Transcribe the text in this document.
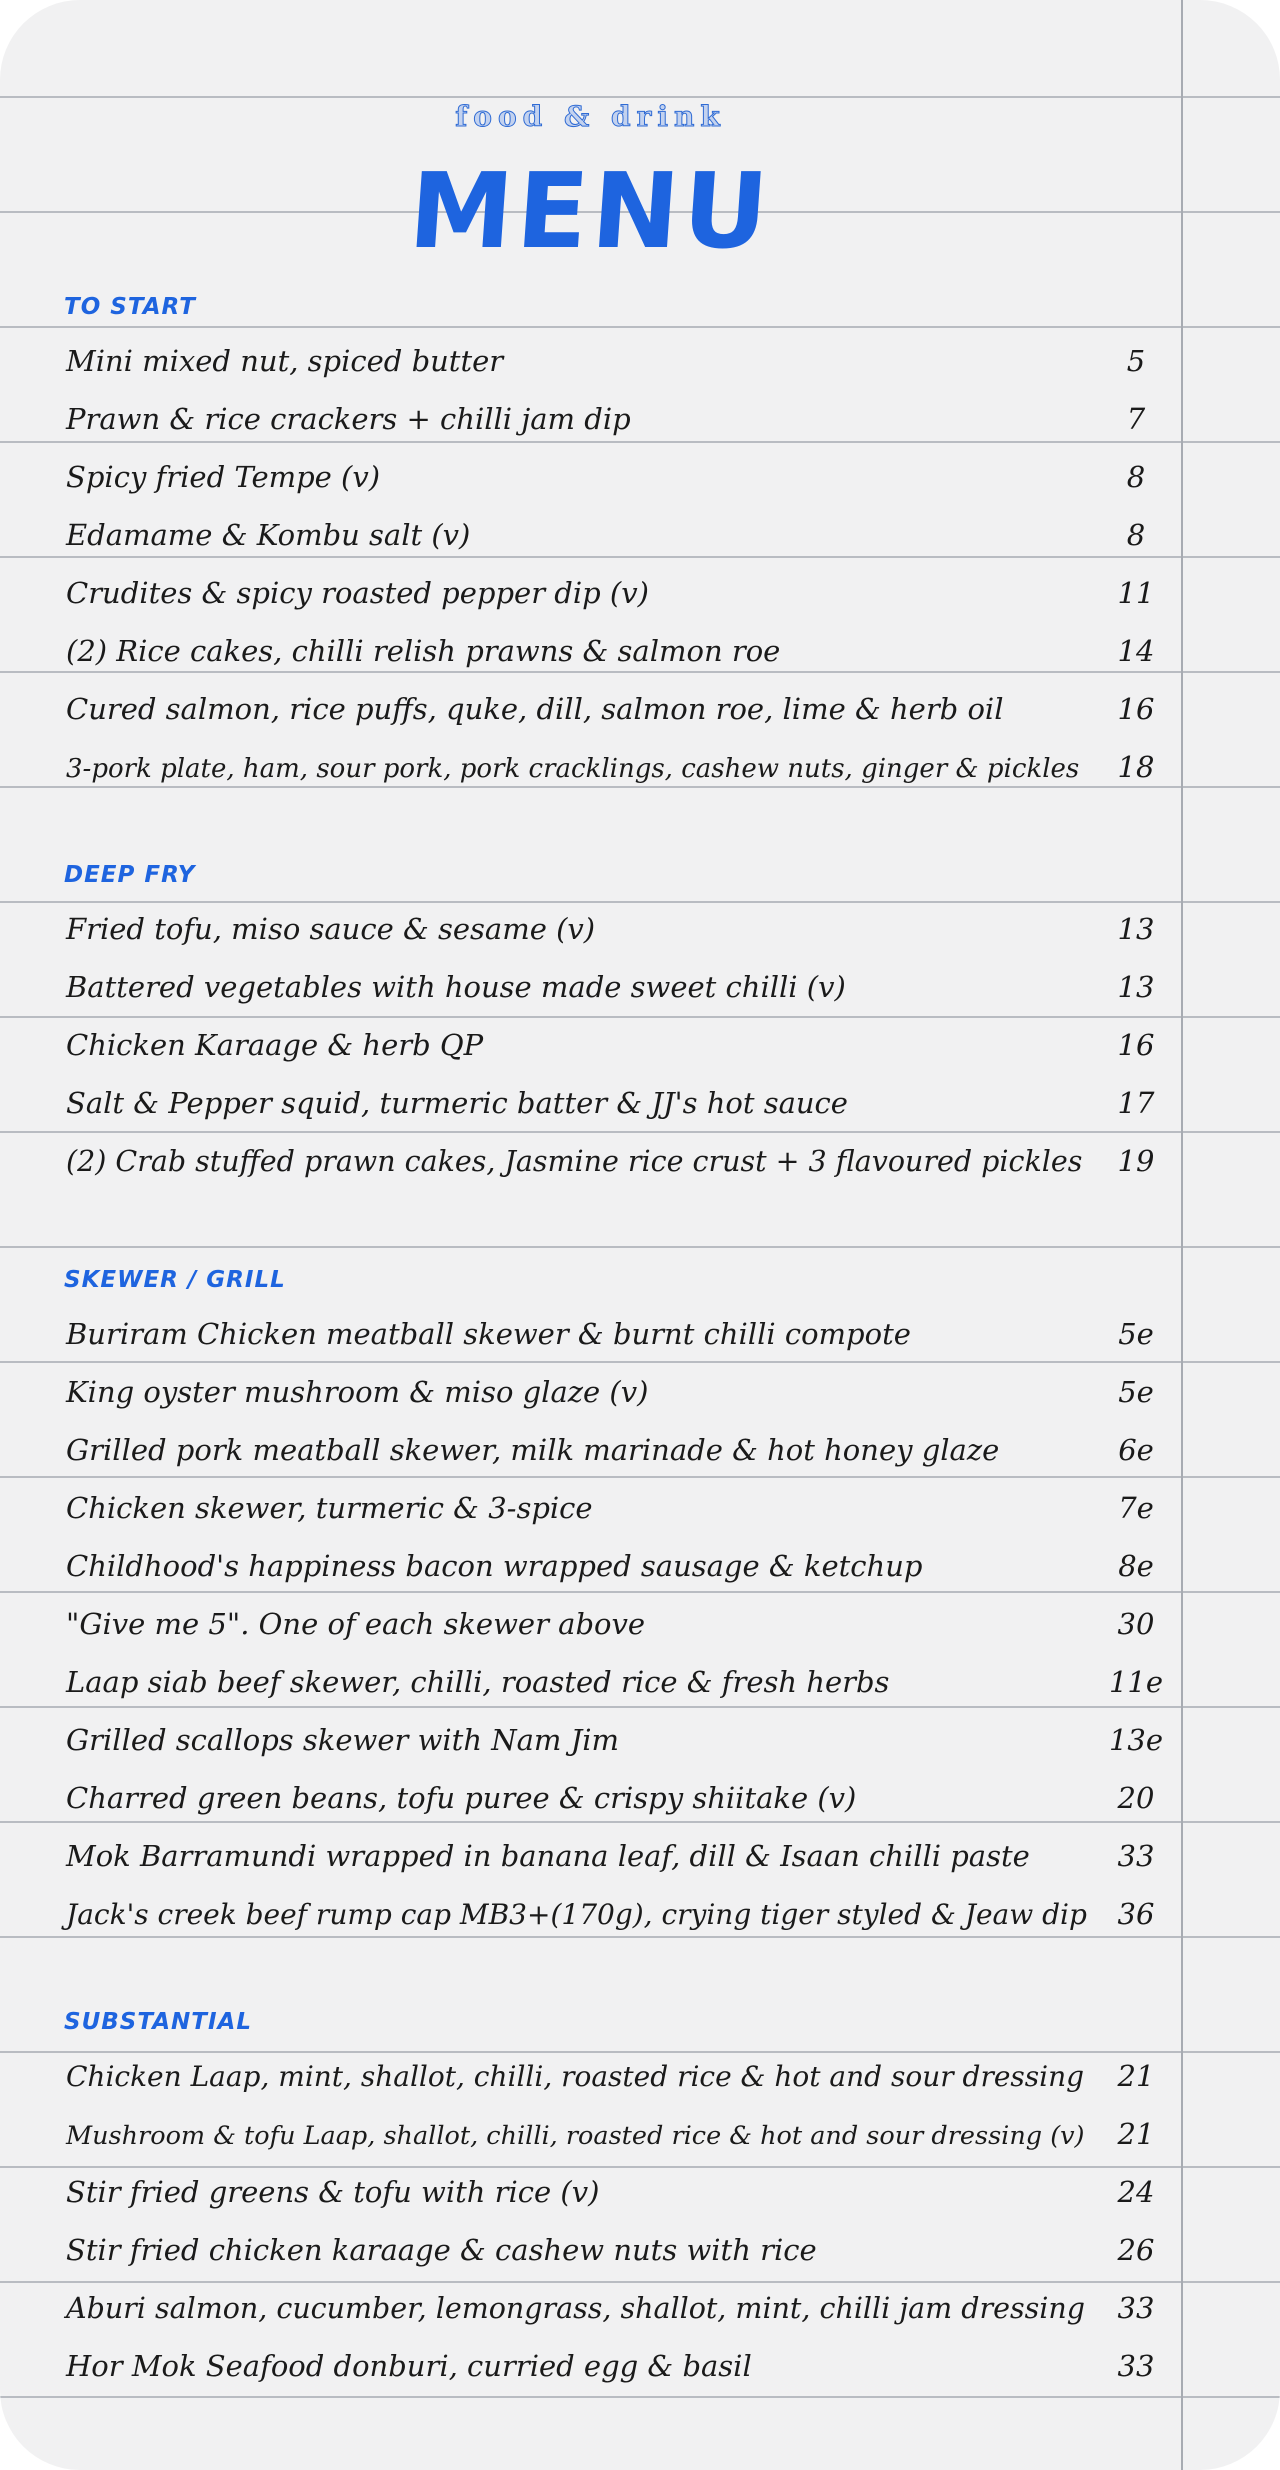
food & drink
MENU
TO START
Mini mixed nut, spiced butter	5
Prawn & rice crackers + chilli jam dip	7
Spicy fried Tempe (v)	8
Edamame & Kombu salt (v)	8
Crudites & spicy roasted pepper dip (v)	11
(2) Rice cakes, chilli relish prawns & salmon roe	14
Cured salmon, rice puffs, quke, dill, salmon roe, lime & herb oil	16
3-pork plate, ham, sour pork, pork cracklings, cashew nuts, ginger & pickles	18
DEEP FRY
Fried tofu, miso sauce & sesame (v)	13
Battered vegetables with house made sweet chilli (v)	13
Chicken Karaage & herb QP	16
Salt & Pepper squid, turmeric batter & JJ's hot sauce	17
(2) Crab stuffed prawn cakes, Jasmine rice crust + 3 flavoured pickles	19
SKEWER / GRILL
Buriram Chicken meatball skewer & burnt chilli compote	5e
King oyster mushroom & miso glaze (v)	5e
Grilled pork meatball skewer, milk marinade & hot honey glaze	6e
Chicken skewer, turmeric & 3-spice	7e
Childhood's happiness bacon wrapped sausage & ketchup	8e
"Give me 5". One of each skewer above	30
Laap siab beef skewer, chilli, roasted rice & fresh herbs	11e
Grilled scallops skewer with Nam Jim	13e
Charred green beans, tofu puree & crispy shiitake (v)	20
Mok Barramundi wrapped in banana leaf, dill & Isaan chilli paste	33
Jack's creek beef rump cap MB3+(170g), crying tiger styled & Jeaw dip	36
SUBSTANTIAL
Chicken Laap, mint, shallot, chilli, roasted rice & hot and sour dressing	21
Mushroom & tofu Laap, shallot, chilli, roasted rice & hot and sour dressing (v)	21
Stir fried greens & tofu with rice (v)	24
Stir fried chicken karaage & cashew nuts with rice	26
Aburi salmon, cucumber, lemongrass, shallot, mint, chilli jam dressing	33
Hor Mok Seafood donburi, curried egg & basil	33
